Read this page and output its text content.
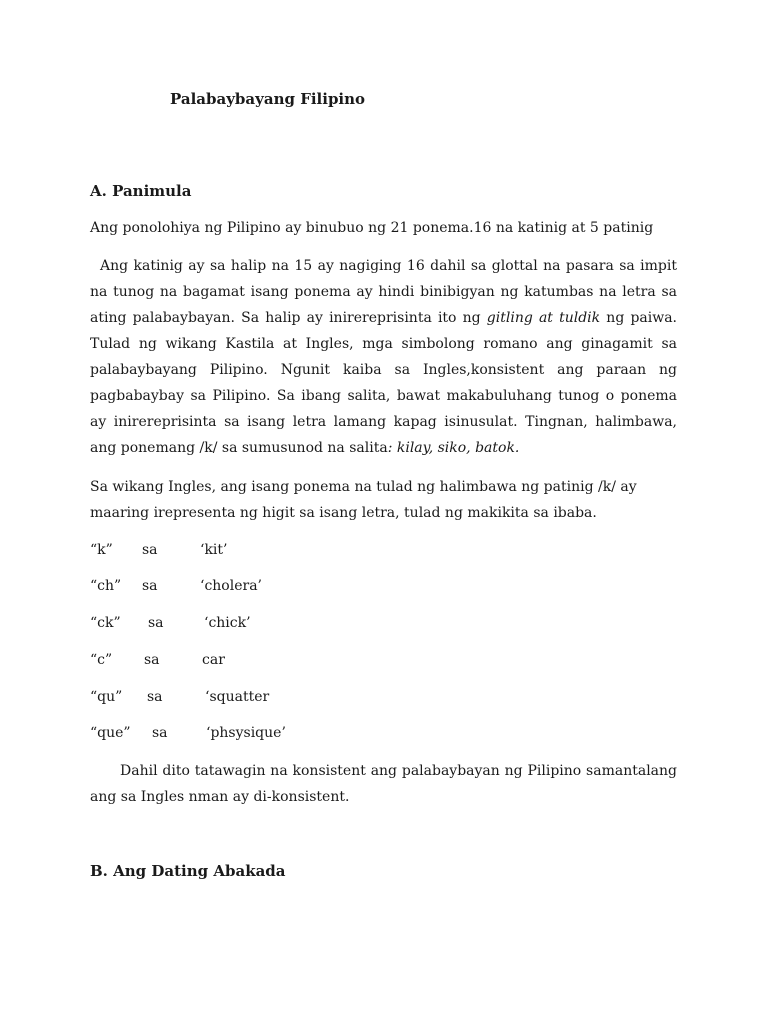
Palabaybayang Filipino
A. Panimula

Ang ponolohiya ng Pilipino ay binubuo ng 21 ponema.16 na katinig at 5 patinig

Ang katinig ay sa halip na 15 ay nagiging 16 dahil sa glottal na pasara sa impit na tunog na bagamat isang ponema ay hindi binibigyan ng katumbas na letra sa ating palabaybayan. Sa halip ay inirereprisinta ito ng gitling at tuldik ng paiwa. Tulad ng wikang Kastila at Ingles, mga simbolong romano ang ginagamit sa palabaybayang Pilipino. Ngunit kaiba sa Ingles,konsistent ang paraan ng pagbabaybay sa Pilipino. Sa ibang salita, bawat makabuluhang tunog o ponema ay inirereprisinta sa isang letra lamang kapag isinusulat. Tingnan, halimbawa, ang ponemang /k/ sa sumusunod na salita: kilay, siko, batok.

Sa wikang Ingles, ang isang ponema na tulad ng halimbawa ng patinig /k/ ay maaring irepresenta ng higit sa isang letra, tulad ng makikita sa ibaba.

“k” sa	‘kit’
“ch” sa	‘cholera’
“ck” sa	‘chick’
“c” sa	car
“qu” sa	‘squatter
“que” sa	‘phsysique’

Dahil dito tatawagin na konsistent ang palabaybayan ng Pilipino samantalang ang sa Ingles nman ay di-konsistent.

B. Ang Dating Abakada
